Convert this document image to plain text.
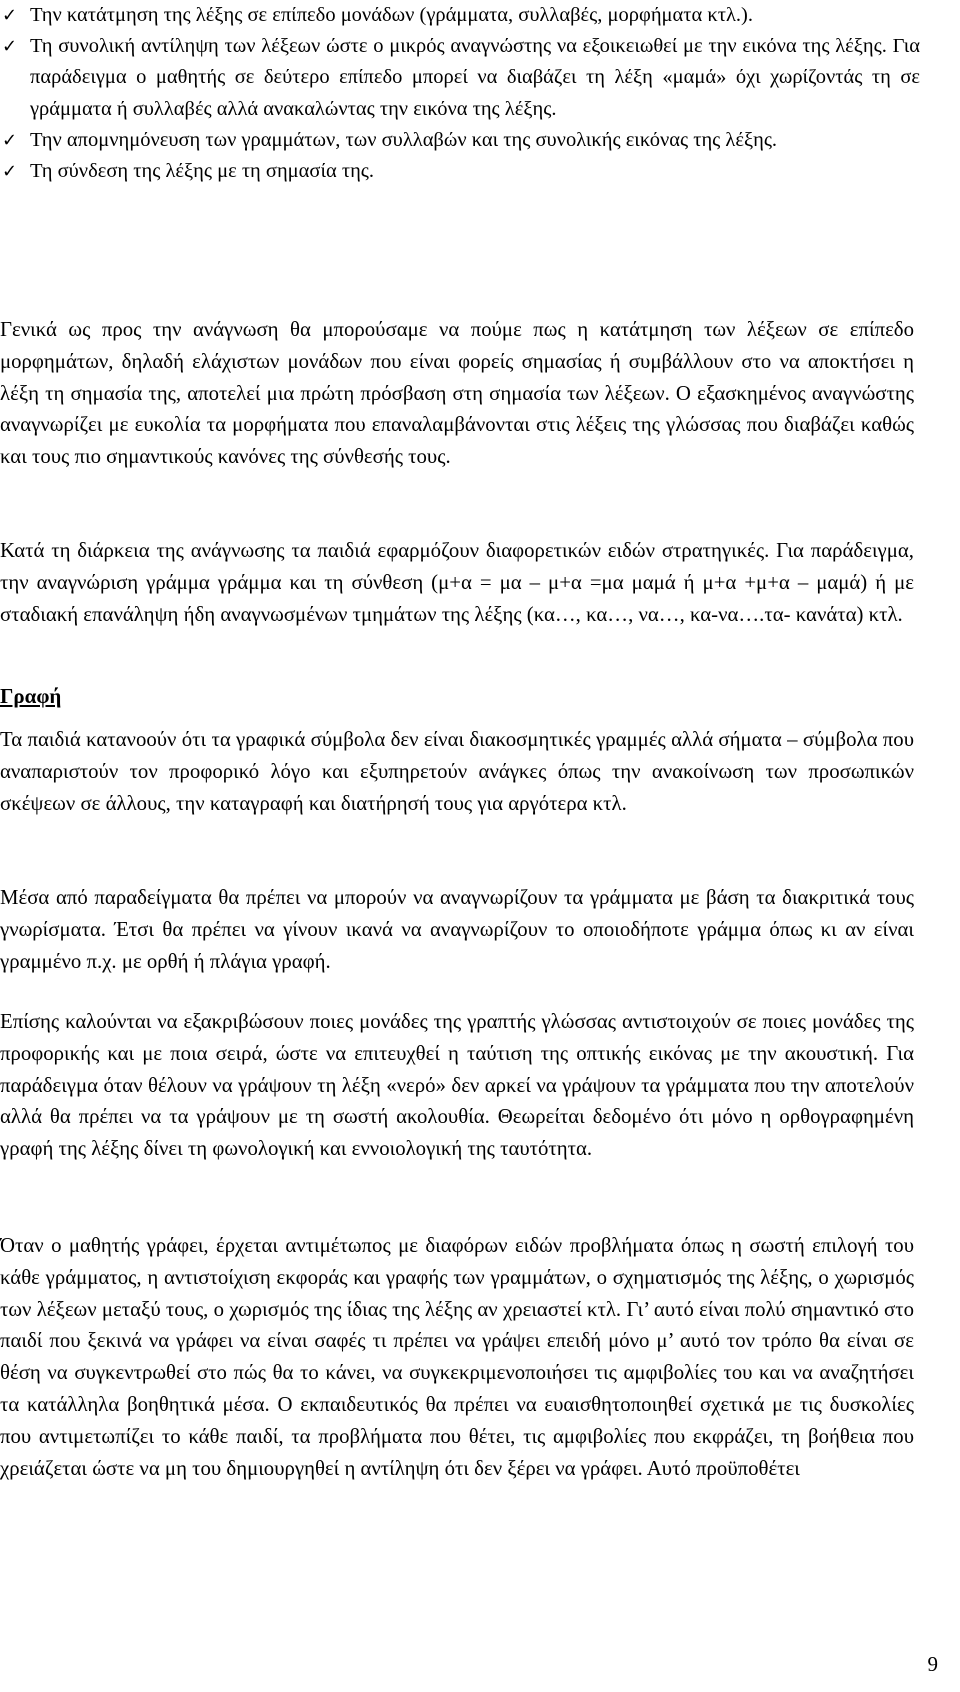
✓ Την κατάτμηση της λέξης σε επίπεδο μονάδων (γράμματα, συλλαβές, μορφήματα κτλ.).
✓ Τη συνολική αντίληψη των λέξεων ώστε ο μικρός αναγνώστης να εξοικειωθεί με την εικόνα της λέξης. Για παράδειγμα ο μαθητής σε δεύτερο επίπεδο μπορεί να διαβάζει τη λέξη «μαμά» όχι χωρίζοντάς τη σε γράμματα ή συλλαβές αλλά ανακαλώντας την εικόνα της λέξης.
✓ Την απομνημόνευση των γραμμάτων, των συλλαβών και της συνολικής εικόνας της λέξης.
✓ Τη σύνδεση της λέξης με τη σημασία της.

Γενικά ως προς την ανάγνωση θα μπορούσαμε να πούμε πως η κατάτμηση των λέξεων σε επίπεδο μορφημάτων, δηλαδή ελάχιστων μονάδων που είναι φορείς σημασίας ή συμβάλλουν στο να αποκτήσει η λέξη τη σημασία της, αποτελεί μια πρώτη πρόσβαση στη σημασία των λέξεων. Ο εξασκημένος αναγνώστης αναγνωρίζει με ευκολία τα μορφήματα που επαναλαμβάνονται στις λέξεις της γλώσσας που διαβάζει καθώς και τους πιο σημαντικούς κανόνες της σύνθεσής τους.

Κατά τη διάρκεια της ανάγνωσης τα παιδιά εφαρμόζουν διαφορετικών ειδών στρατηγικές. Για παράδειγμα, την αναγνώριση γράμμα γράμμα και τη σύνθεση (μ+α = μα – μ+α =μα μαμά ή μ+α +μ+α – μαμά) ή με σταδιακή επανάληψη ήδη αναγνωσμένων τμημάτων της λέξης (κα…, κα…, να…, κα-να….τα- κανάτα) κτλ.

Γραφή

Τα παιδιά κατανοούν ότι τα γραφικά σύμβολα δεν είναι διακοσμητικές γραμμές αλλά σήματα – σύμβολα που αναπαριστούν τον προφορικό λόγο και εξυπηρετούν ανάγκες όπως την ανακοίνωση των προσωπικών σκέψεων σε άλλους, την καταγραφή και διατήρησή τους για αργότερα κτλ.

Μέσα από παραδείγματα θα πρέπει να μπορούν να αναγνωρίζουν τα γράμματα με βάση τα διακριτικά τους γνωρίσματα. Έτσι θα πρέπει να γίνουν ικανά να αναγνωρίζουν το οποιοδήποτε γράμμα όπως κι αν είναι γραμμένο π.χ. με ορθή ή πλάγια γραφή.

Επίσης καλούνται να εξακριβώσουν ποιες μονάδες της γραπτής γλώσσας αντιστοιχούν σε ποιες μονάδες της προφορικής και με ποια σειρά, ώστε να επιτευχθεί η ταύτιση της οπτικής εικόνας με την ακουστική. Για παράδειγμα όταν θέλουν να γράψουν τη λέξη «νερό» δεν αρκεί να γράψουν τα γράμματα που την αποτελούν αλλά θα πρέπει να τα γράψουν με τη σωστή ακολουθία. Θεωρείται δεδομένο ότι μόνο η ορθογραφημένη γραφή της λέξης δίνει τη φωνολογική και εννοιολογική της ταυτότητα.

Όταν ο μαθητής γράφει, έρχεται αντιμέτωπος με διαφόρων ειδών προβλήματα όπως η σωστή επιλογή του κάθε γράμματος, η αντιστοίχιση εκφοράς και γραφής των γραμμάτων, ο σχηματισμός της λέξης, ο χωρισμός των λέξεων μεταξύ τους, ο χωρισμός της ίδιας της λέξης αν χρειαστεί κτλ. Γι’ αυτό είναι πολύ σημαντικό στο παιδί που ξεκινά να γράφει να είναι σαφές τι πρέπει να γράψει επειδή μόνο μ’ αυτό τον τρόπο θα είναι σε θέση να συγκεντρωθεί στο πώς θα το κάνει, να συγκεκριμενοποιήσει τις αμφιβολίες του και να αναζητήσει τα κατάλληλα βοηθητικά μέσα. Ο εκπαιδευτικός θα πρέπει να ευαισθητοποιηθεί σχετικά με τις δυσκολίες που αντιμετωπίζει το κάθε παιδί, τα προβλήματα που θέτει, τις αμφιβολίες που εκφράζει, τη βοήθεια που χρειάζεται ώστε να μη του δημιουργηθεί η αντίληψη ότι δεν ξέρει να γράφει. Αυτό προϋποθέτει

9
